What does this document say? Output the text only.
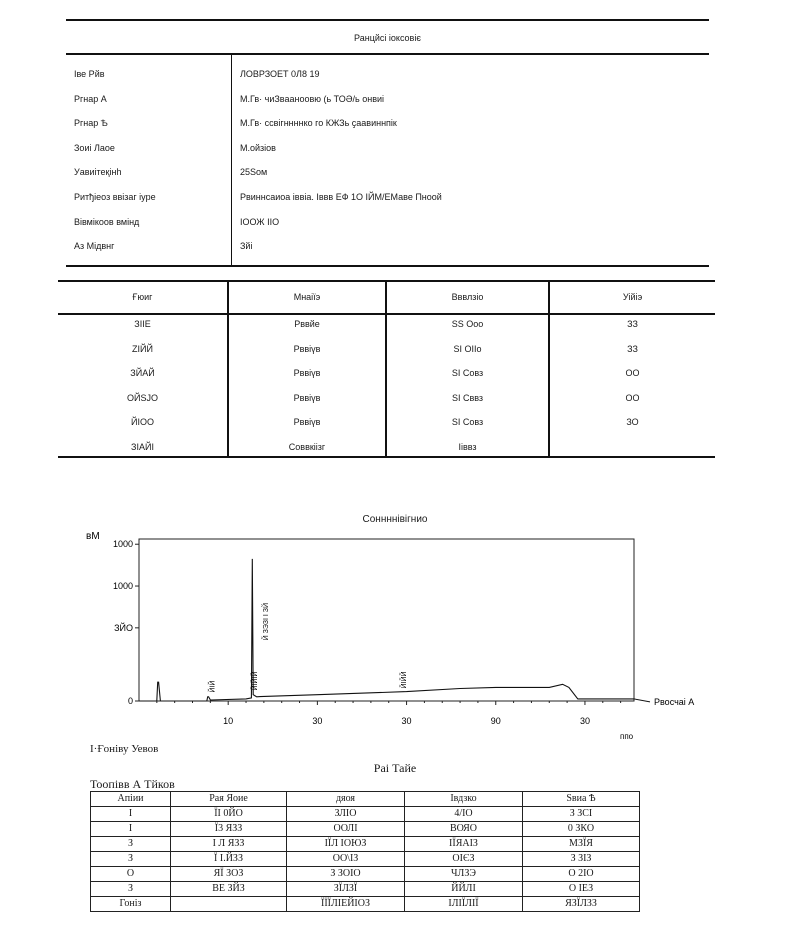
Ранцйсі іоксовіє
Іве Рйв	ЛОВРЗОЕТ 0Л8 19
Ргнар А	М.Гв· чиЗвааноовю (ь ТОӘ/ь онвиі
Ргнар Ѣ	М.Гв· ссвігннннко го КЖЗь ҫаавиннпік
Зоиі Лаое	М.ойзіов
Уавиітеқінһ	25Ѕом
Ритђіеоз ввізаг іуре	Рвиннсаиоа іввіа. Іввв ЕФ 1О ІЙМ/ЕМаве Пноой
Вівмікоов вмінд	ІООЖ ІІО
Аз Мідвнг	Зйі
Ғюиг	Мнаіїэ	Вввлзіо	Уійіэ
ЗІІЕ	Рввйе	ЅЅ Ооо	ЗЗ
ZІЙЙ	Рввіүв	ЅІ ОІІо	ЗЗ
ЗЙАЙ	Рввіүв	ЅІ Совз	ОО
ОЙЅЈО	Рввіүв	ЅІ Сввз	ОО
ЙІОО	Рввіүв	ЅІ Совз	ЗО
ЗІАЙІ	Соввкіізг	Ііввз
Соннннівігнио
вМ
1000
1000
ЗЙО
0
10	30	30	90	30
ппо
Рвосчаі А
ЙІЙ	ЙІЙІЙ
Й ЗЭЗІ І ЗЙ
ЙІЙЙ
І·Ғоніву Уевов
Раі Тайе
Тоопівв А Тйков
Апіии	Рая Яоие	дяоя	Івдзко	Ѕвиа Ѣ
І	ЇІ 0ЙО	ЗЛІО	4/ІО	З ЗСІ
І	Ї3 ЯЗЗ	ООЛІ	ВОЯО	0 ЗКО
З	І Л ЯЗЗ	ІЇЛ ІОЮЗ	ІЇЯАІЗ	МЗЇЯ
З	Ї І.ЙЗЗ	ОО\ІЗ	ОІЄЗ	З ЗІЗ
О	ЯЇ ЗОЗ	З ЗОІО	ЧЛЗЭ	О 2ІО
З	ВЕ ЗЙЗ	ЗЇЛЗЇ	ЙЙЛІ	О ІЕЗ
Гоніз		ЇЇЇЛІЕЙІОЗ	ІЛІЇЛІЇ	ЯЗЇЛЗЗ
